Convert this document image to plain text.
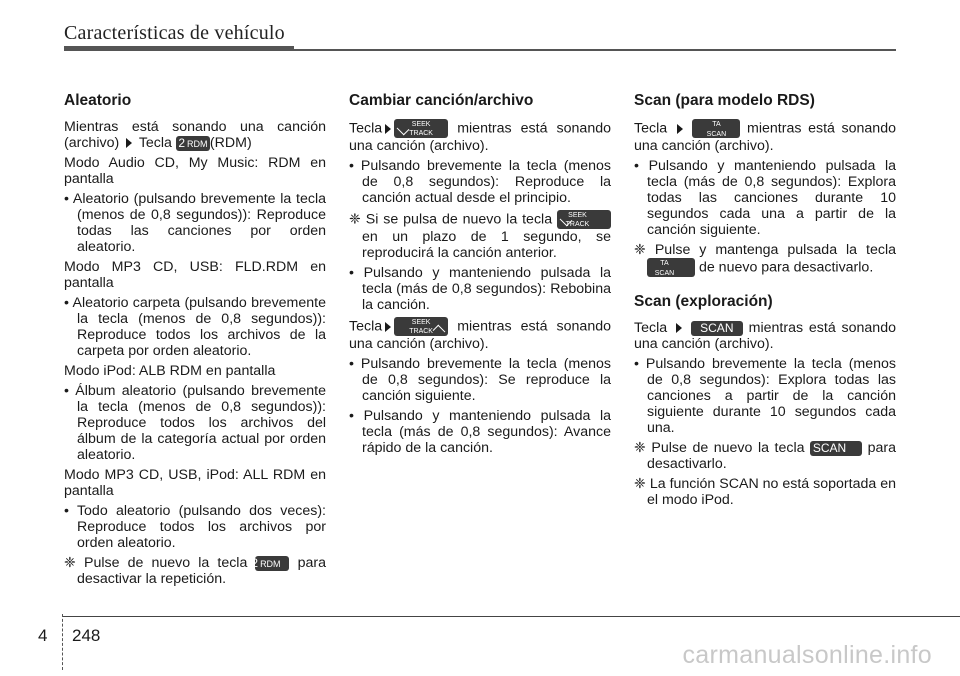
Características de vehículo
Aleatorio

Mientras está sonando una canción (archivo) Tecla 2 RDM (RDM)

Modo Audio CD, My Music: RDM en pantalla

• Aleatorio (pulsando brevemente la tecla (menos de 0,8 segundos)): Reproduce todas las canciones por orden aleatorio.

Modo MP3 CD, USB: FLD.RDM en pantalla

• Aleatorio carpeta (pulsando brevemente la tecla (menos de 0,8 segundos)): Reproduce todos los archivos de la carpeta por orden aleatorio.

Modo iPod: ALB RDM en pantalla

• Álbum aleatorio (pulsando brevemente la tecla (menos de 0,8 segundos)): Reproduce todos los archivos del álbum de la categoría actual por orden aleatorio.

Modo MP3 CD, USB, iPod: ALL RDM en pantalla

• Todo aleatorio (pulsando dos veces): Reproduce todos los archivos por orden aleatorio.

❈ Pulse de nuevo la tecla 2 RDM para desactivar la repetición.

Cambiar canción/archivo

Tecla	SEEK
TRACK	mientras está sonando una canción (archivo).

• Pulsando brevemente la tecla (menos de 0,8 segundos): Reproduce la canción actual desde el principio.

❈ Si se pulsa de nuevo la tecla	SEEK
TRACK
en un plazo de 1 segundo, se reproducirá la canción anterior.

• Pulsando y manteniendo pulsada la tecla (más de 0,8 segundos): Rebobina la canción.

Tecla	SEEK
TRACK	mientras está sonando una canción (archivo).

• Pulsando brevemente la tecla (menos de 0,8 segundos): Se reproduce la canción siguiente.

• Pulsando y manteniendo pulsada la tecla (más de 0,8 segundos): Avance rápido de la canción.

Scan (para modelo RDS)

Tecla	TA
SCAN	mientras está sonando una canción (archivo).

• Pulsando y manteniendo pulsada la tecla (más de 0,8 segundos): Explora todas las canciones durante 10 segundos cada una a partir de la canción siguiente.

❈ Pulse y mantenga pulsada la tecla
TA
SCAN	de nuevo para desactivarlo.

Scan (exploración)

Tecla	SCAN mientras está sonando una canción (archivo).

• Pulsando brevemente la tecla (menos de 0,8 segundos): Explora todas las canciones a partir de la canción siguiente durante 10 segundos cada una.

❈ Pulse de nuevo la tecla SCAN para desactivarlo.

❈ La función SCAN no está soportada en el modo iPod.

4 248
carmanualsonline.info
